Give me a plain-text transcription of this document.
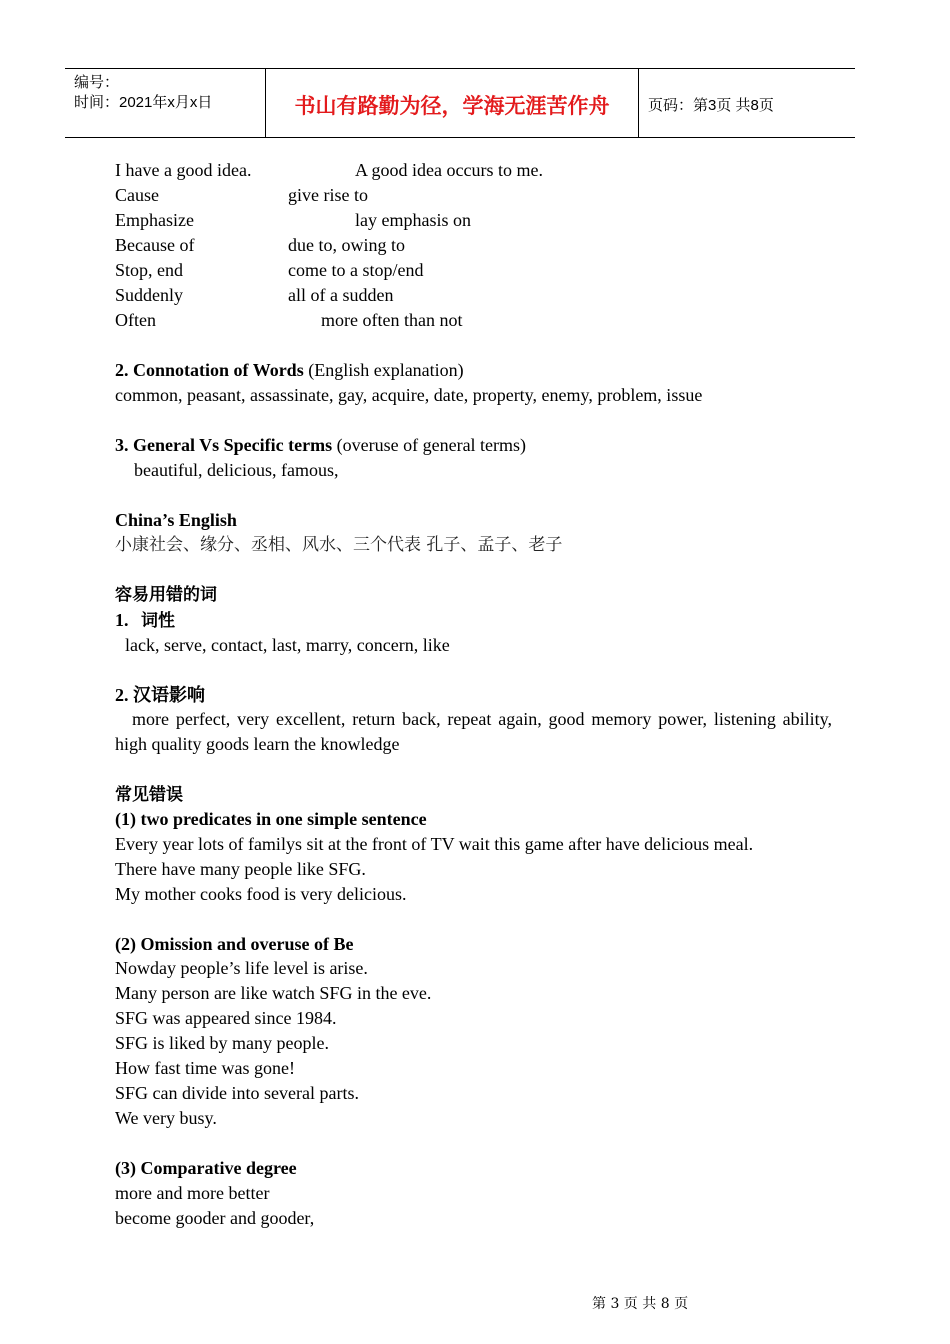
编号：
时间：2021年x月x日	书山有路勤为径，学海无涯苦作舟	页码：第3页 共8页
I have a good idea.	A good idea occurs to me.
Cause	give rise to
Emphasize	lay emphasis on
Because of	due to, owing to
Stop, end	come to a stop/end
Suddenly	all of a sudden
Often	more often than not
2. Connotation of Words (English explanation)
common, peasant, assassinate, gay, acquire, date, property, enemy, problem, issue
3. General Vs Specific terms (overuse of general terms)
beautiful, delicious, famous,
China’s English
小康社会、缘分、丞相、风水、三个代表 孔子、孟子、老子
容易用错的词
1. 词性
lack, serve, contact, last, marry, concern, like
2. 汉语影响
more perfect, very excellent, return back, repeat again, good memory power, listening ability, high quality goods learn the knowledge
常见错误
(1) two predicates in one simple sentence
Every year lots of familys sit at the front of TV wait this game after have delicious meal.
There have many people like SFG.
My mother cooks food is very delicious.
(2) Omission and overuse of Be
Nowday people’s life level is arise.
Many person are like watch SFG in the eve.
SFG was appeared since 1984.
SFG is liked by many people.
How fast time was gone!
SFG can divide into several parts.
We very busy.
(3) Comparative degree
more and more better
become gooder and gooder,
第 3 页 共 8 页
